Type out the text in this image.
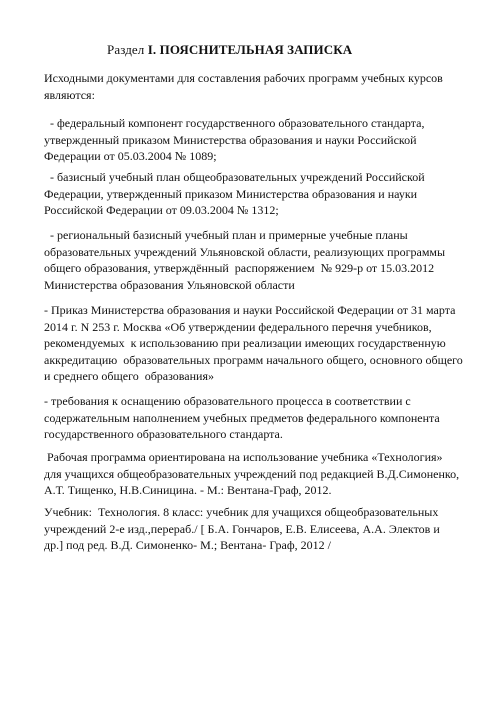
Раздел I. ПОЯСНИТЕЛЬНАЯ ЗАПИСКА
Исходными документами для составления рабочих программ учебных курсов
являются:
- федеральный компонент государственного образовательного стандарта,
утвержденный приказом Министерства образования и науки Российской
Федерации от 05.03.2004 № 1089;
- базисный учебный план общеобразовательных учреждений Российской
Федерации, утвержденный приказом Министерства образования и науки
Российской Федерации от 09.03.2004 № 1312;
- региональный базисный учебный план и примерные учебные планы
образовательных учреждений Ульяновской области, реализующих программы
общего образования, утверждённый  распоряжением  № 929-р от 15.03.2012
Министерства образования Ульяновской области
- Приказ Министерства образования и науки Российской Федерации от 31 марта
2014 г. N 253 г. Москва «Об утверждении федерального перечня учебников,
рекомендуемых  к использованию при реализации имеющих государственную
аккредитацию  образовательных программ начального общего, основного общего
и среднего общего  образования»
- требования к оснащению образовательного процесса в соответствии с
содержательным наполнением учебных предметов федерального компонента
государственного образовательного стандарта.
Рабочая программа ориентирована на использование учебника «Технология»
для учащихся общеобразовательных учреждений под редакцией В.Д.Симоненко,
А.Т. Тищенко, Н.В.Синицина. - М.: Вентана-Граф, 2012.
Учебник:  Технология. 8 класс: учебник для учащихся общеобразовательных
учреждений 2-е изд.,перераб./ [ Б.А. Гончаров, Е.В. Елисеева, А.А. Электов и
др.] под ред. В.Д. Симоненко- М.; Вентана- Граф, 2012 /
